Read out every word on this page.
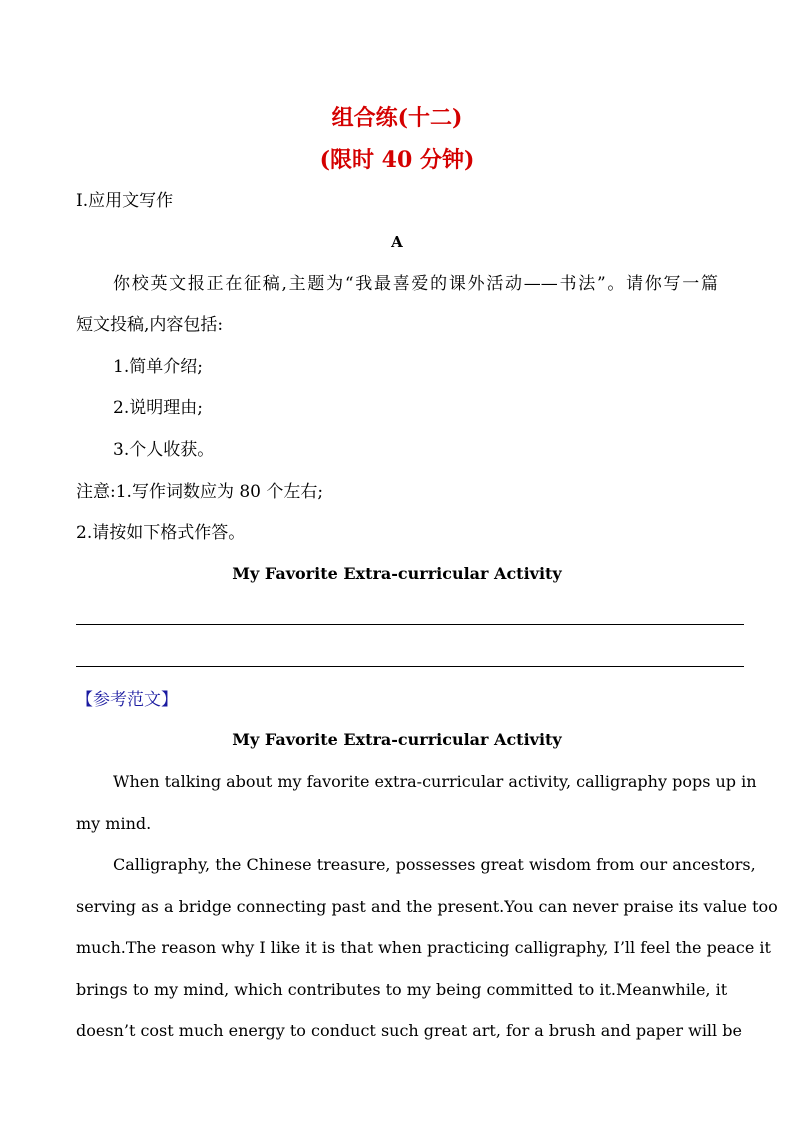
组合练(十二)
(限时 40 分钟)
Ⅰ.应用文写作
A
你校英文报正在征稿,主题为“我最喜爱的课外活动——书法”。请你写一篇
短文投稿,内容包括:
1.简单介绍;
2.说明理由;
3.个人收获。
注意:1.写作词数应为 80 个左右;
2.请按如下格式作答。
My Favorite Extra-curricular Activity
【参考范文】
My Favorite Extra-curricular Activity
When talking about my favorite extra-curricular activity, calligraphy pops up in
my mind.
Calligraphy, the Chinese treasure, possesses great wisdom from our ancestors,
serving as a bridge connecting past and the present.You can never praise its value too
much.The reason why I like it is that when practicing calligraphy, I’ll feel the peace it
brings to my mind, which contributes to my being committed to it.Meanwhile, it
doesn’t cost much energy to conduct such great art, for a brush and paper will be
